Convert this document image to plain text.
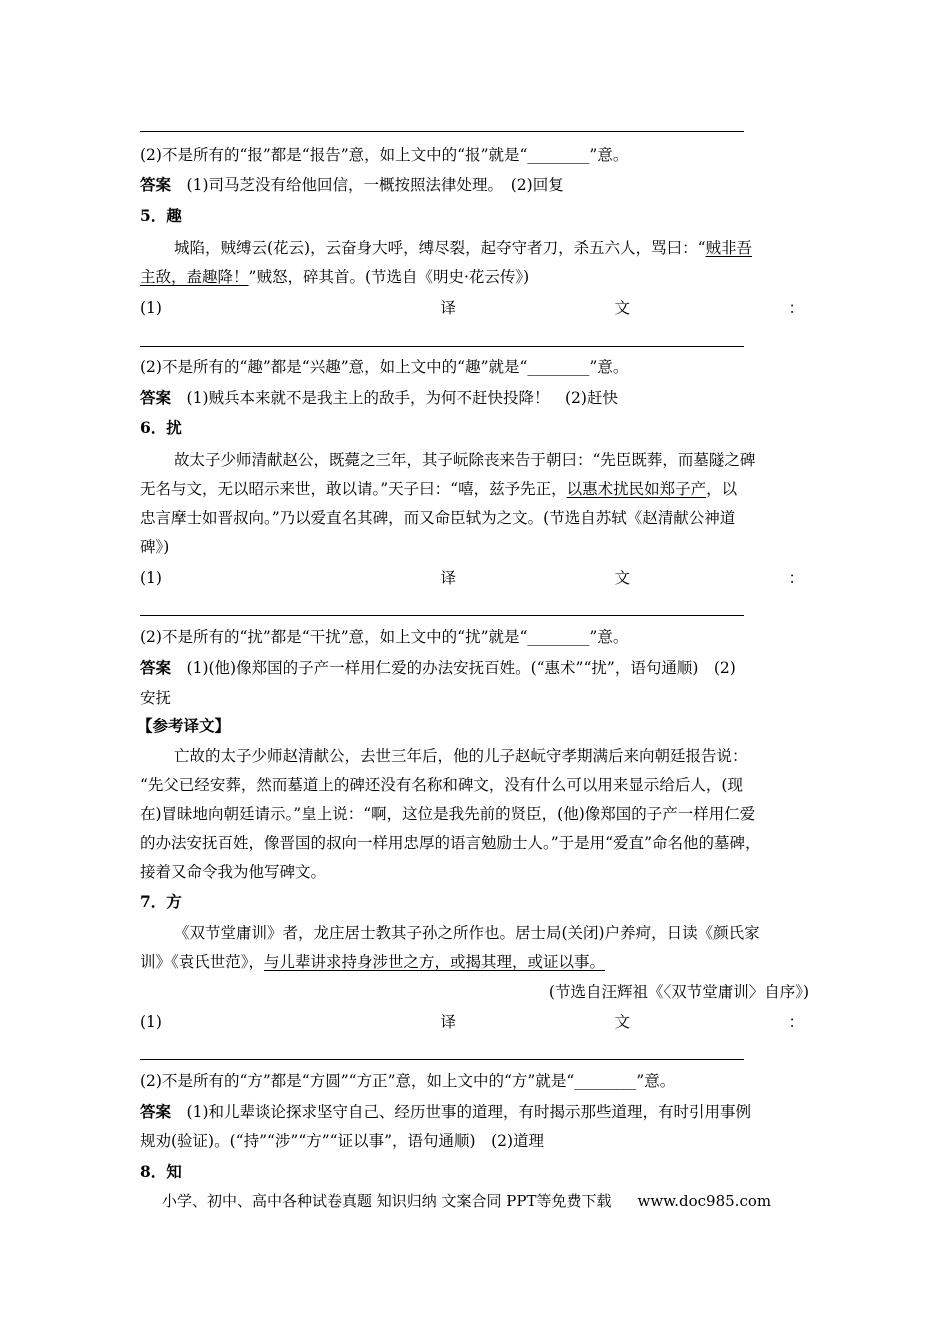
(2)不是所有的“报”都是“报告”意，如上文中的“报”就是“________”意。
答案　 (1)司马芝没有给他回信，一概按照法律处理。　(2)回复
5．趣
城陷，贼缚云(花云)，云奋身大呼，缚尽裂，起夺守者刀，杀五六人，骂曰：“贼非吾
主敌，盍趣降！”贼怒，碎其首。(节选自《明史·花云传》)
(1)	译	文	：
(2)不是所有的“趣”都是“兴趣”意，如上文中的“趣”就是“________”意。
答案　 (1)贼兵本来就不是我主上的敌手，为何不赶快投降！　(2)赶快
6．扰
故太子少师清献赵公，既薨之三年，其子岏除丧来告于朝曰：“先臣既葬，而墓隧之碑
无名与文，无以昭示来世，敢以请。”天子曰：“嘻，兹予先正，以惠术扰民如郑子产，以
忠言摩士如晋叔向。”乃以爱直名其碑，而又命臣轼为之文。(节选自苏轼《赵清献公神道
碑》)
(1)	译	文	：
(2)不是所有的“扰”都是“干扰”意，如上文中的“扰”就是“________”意。
答案　 (1)(他)像郑国的子产一样用仁爱的办法安抚百姓。(“惠术”“扰”，语句通顺)　(2)
安抚
【参考译文】
亡故的太子少师赵清献公，去世三年后，他的儿子赵岏守孝期满后来向朝廷报告说：
“先父已经安葬，然而墓道上的碑还没有名称和碑文，没有什么可以用来显示给后人，(现
在)冒昧地向朝廷请示。”皇上说：“啊，这位是我先前的贤臣，(他)像郑国的子产一样用仁爱
的办法安抚百姓，像晋国的叔向一样用忠厚的语言勉励士人。”于是用“爱直”命名他的墓碑，
接着又命令我为他写碑文。
7．方
《双节堂庸训》者，龙庄居士教其子孙之所作也。居士局(关闭)户养疴，日读《颜氏家
训》《袁氏世范》，与儿辈讲求持身涉世之方，或揭其理，或证以事。
(节选自汪辉祖《〈双节堂庸训〉自序》)
(1)	译	文	：
(2)不是所有的“方”都是“方圆”“方正”意，如上文中的“方”就是“________”意。
答案　 (1)和儿辈谈论探求坚守自己、经历世事的道理，有时揭示那些道理，有时引用事例
规劝(验证)。(“持”“涉”“方”“证以事”，语句通顺)　(2)道理
8．知
小学、初中、高中各种试卷真题 知识归纳 文案合同 PPT等免费下载 www.doc985.com
